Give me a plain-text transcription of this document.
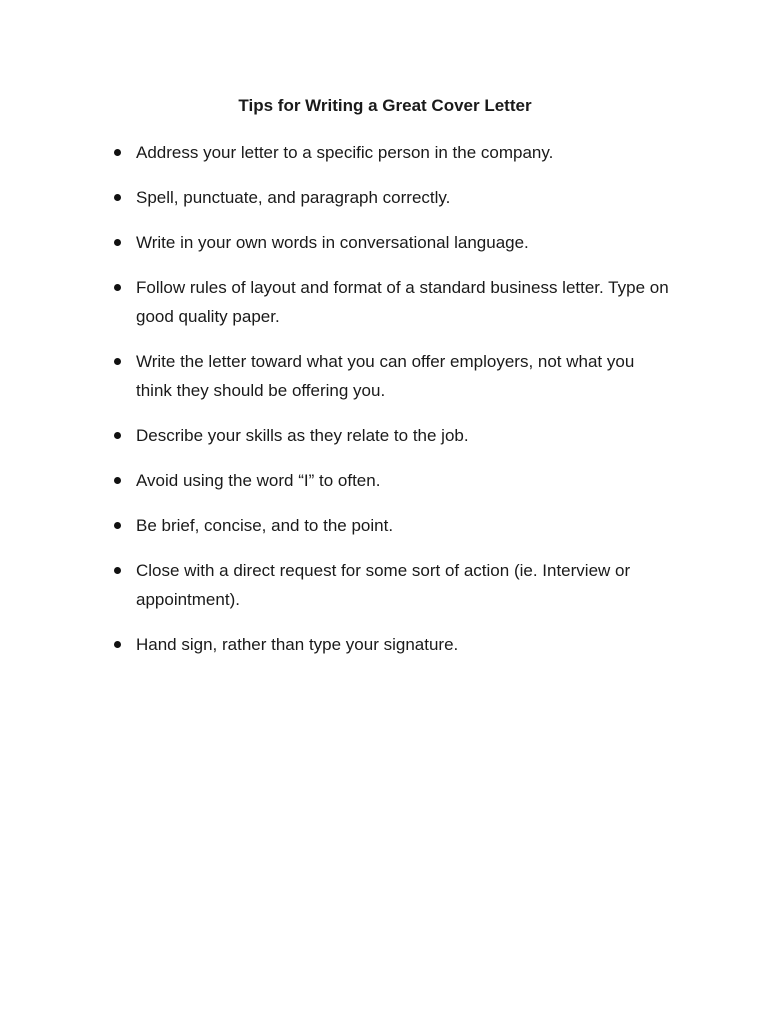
Tips for Writing a Great Cover Letter
Address your letter to a specific person in the company.
Spell, punctuate, and paragraph correctly.
Write in your own words in conversational language.
Follow rules of layout and format of a standard business letter. Type on good quality paper.
Write the letter toward what you can offer employers, not what you think they should be offering you.
Describe your skills as they relate to the job.
Avoid using the word “I” to often.
Be brief, concise, and to the point.
Close with a direct request for some sort of action (ie. Interview or appointment).
Hand sign, rather than type your signature.
